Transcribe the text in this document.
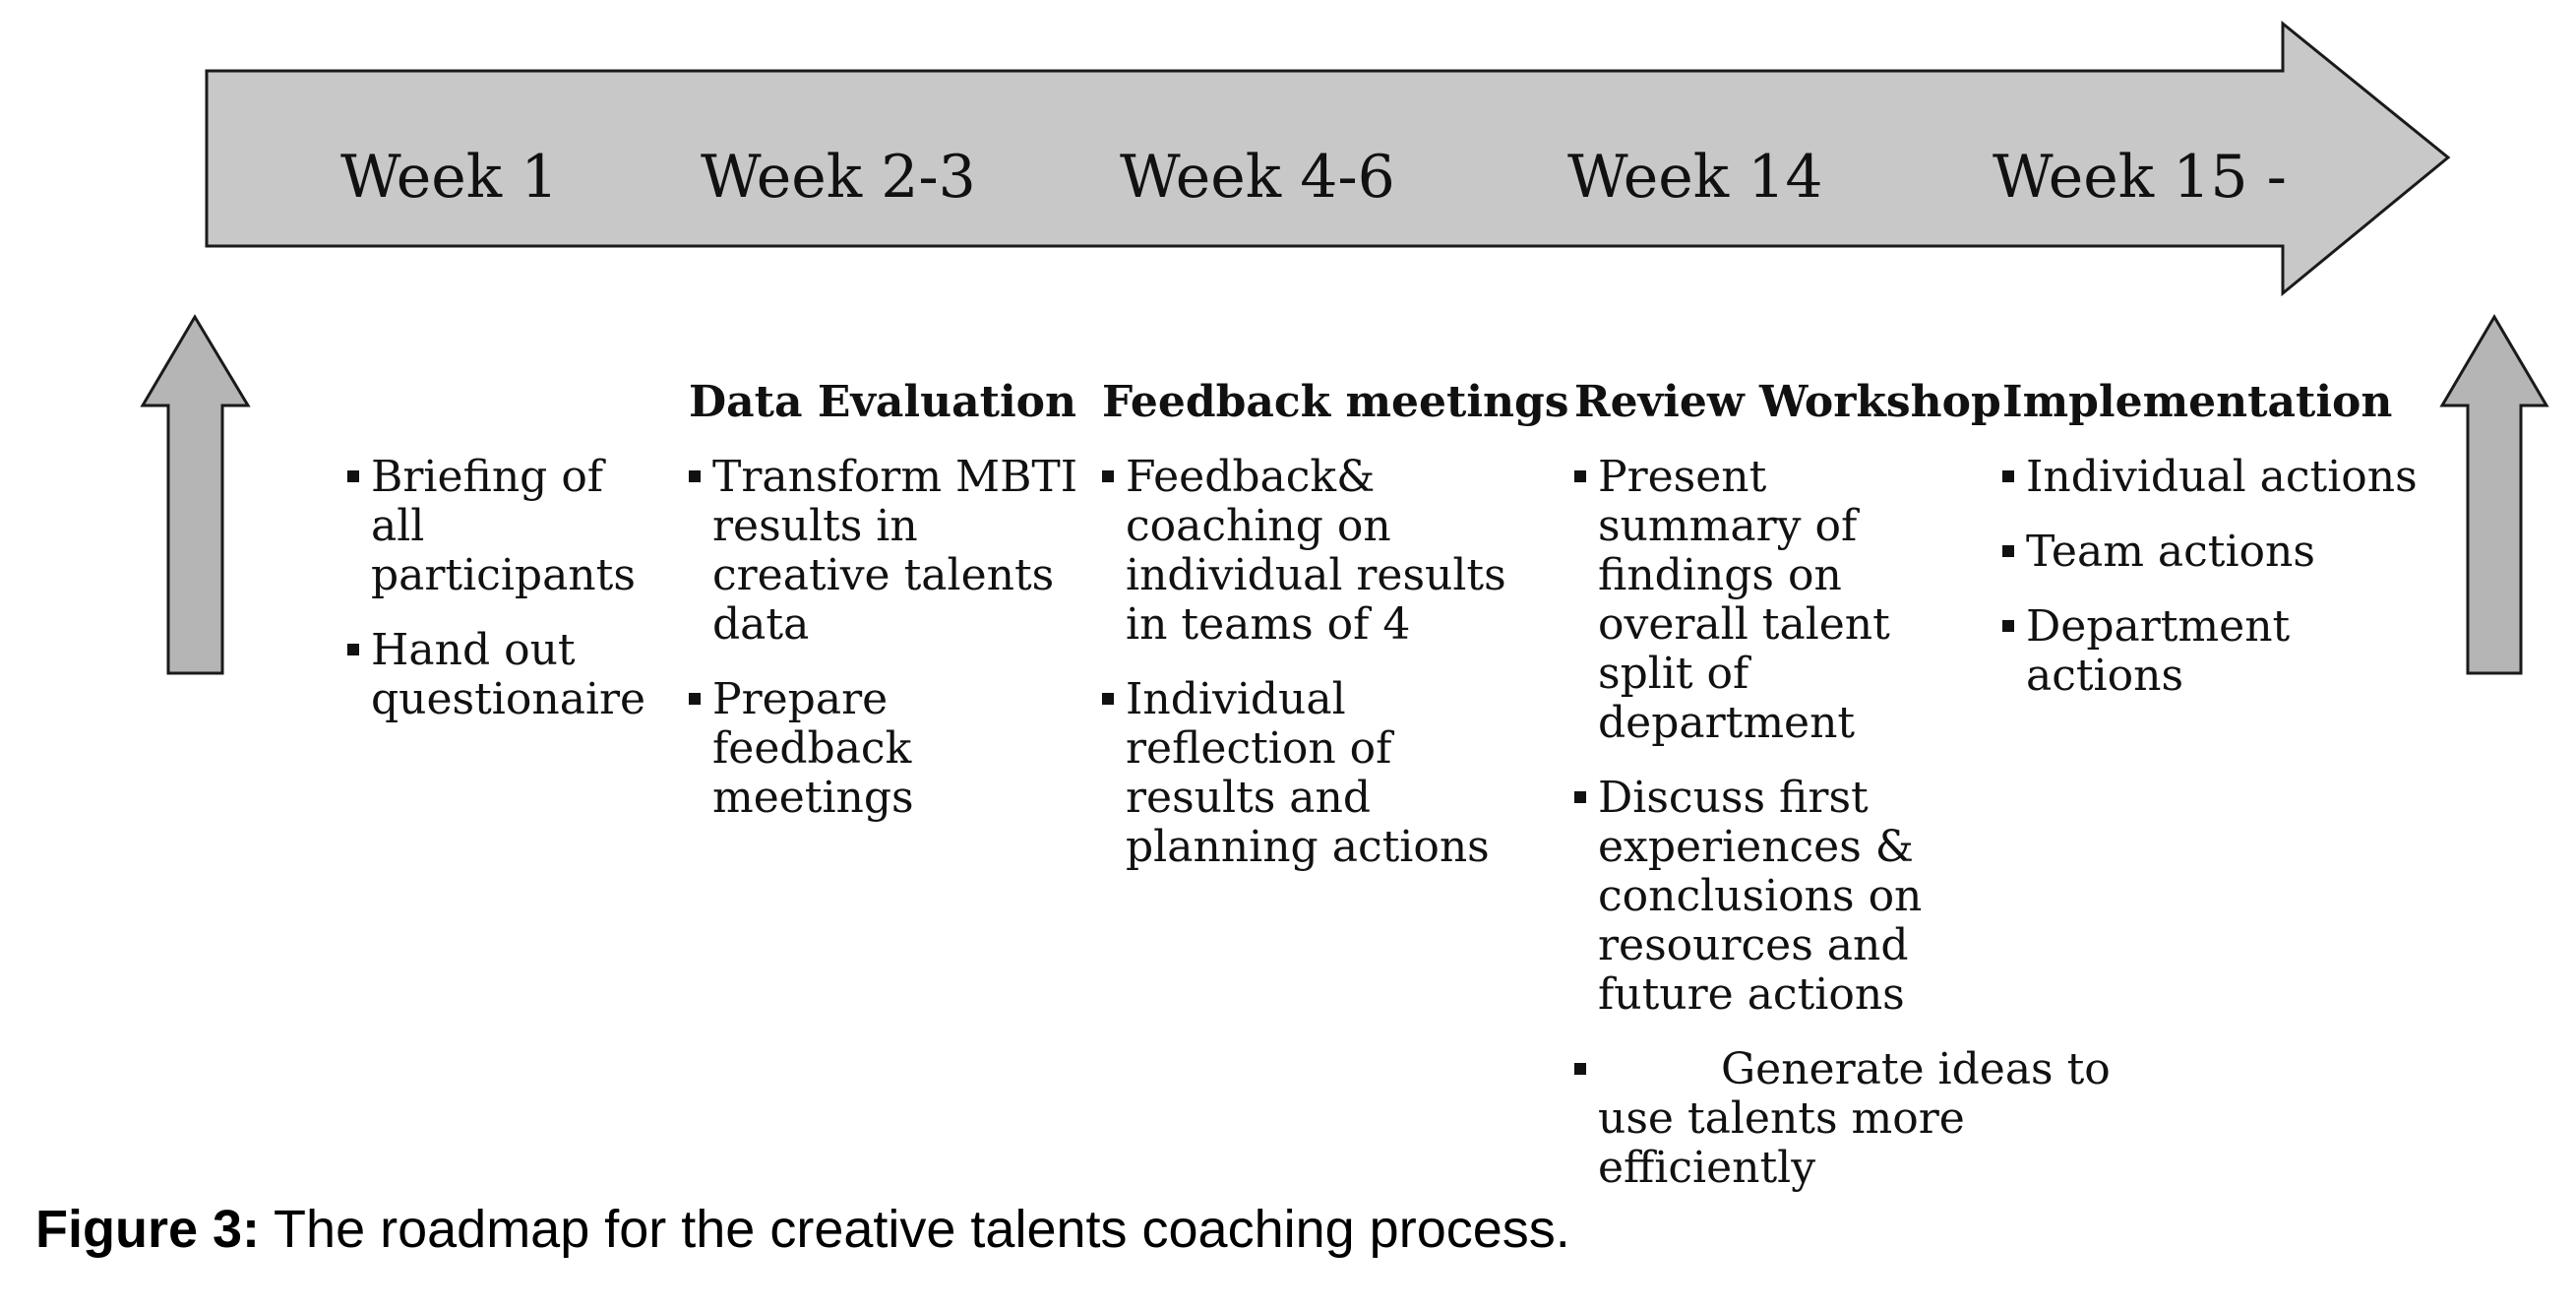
Week 1 Week 2-3 Week 4-6	Week 14	Week 15 -
Briefing of all participants
Hand out questionaire
Data Evaluation
Transform MBTI results in creative talents data
Prepare feedback meetings
Feedback meetings
Feedback& coaching on individual results in teams of 4
Individual reflection of results and planning actions
Review Workshop
Present summary of findings on overall talent split of department
Discuss first experiences & conclusions on resources and future actions
Generate ideas to use talents more efficiently
Implementation
Individual actions
Team actions
Department actions
Figure 3: The roadmap for the creative talents coaching process.
